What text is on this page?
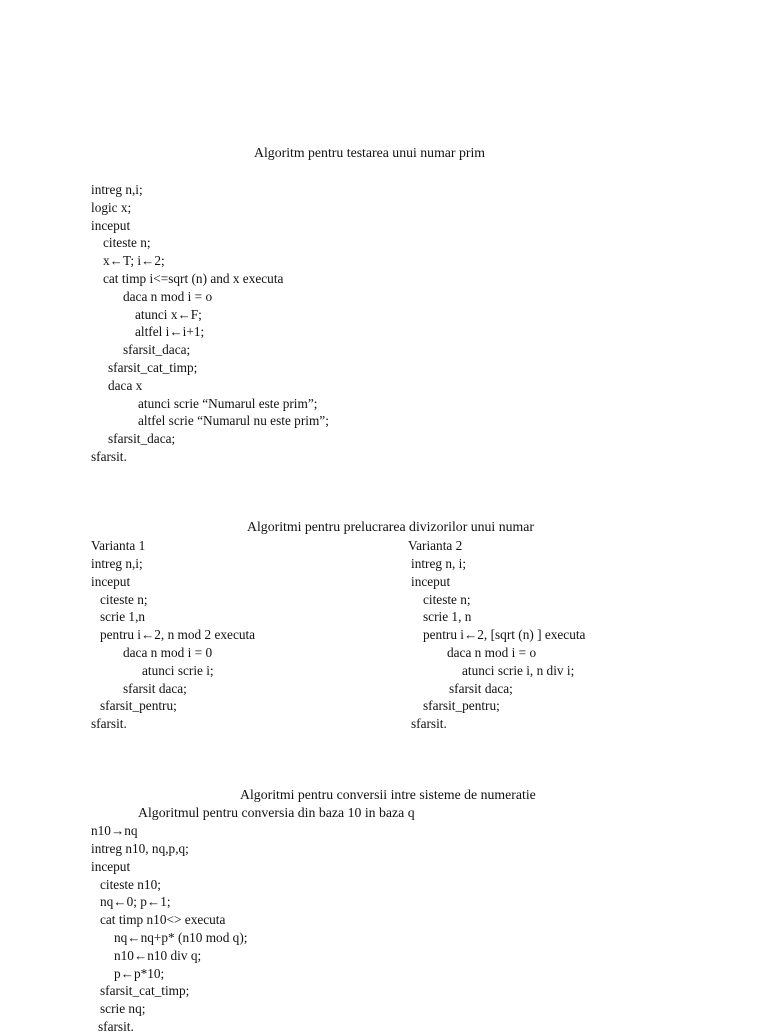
Algoritm pentru testarea unui numar prim
intreg n,i;
logic x;
inceput
citeste n;
x←T; i←2;
cat timp i<=sqrt (n) and x executa
daca n mod i = o
atunci x←F;
altfel i←i+1;
sfarsit_daca;
sfarsit_cat_timp;
daca x
atunci scrie “Numarul este prim”;
altfel scrie “Numarul nu este prim”;
sfarsit_daca;
sfarsit.
Algoritmi pentru prelucrarea divizorilor unui numar
Varianta 1
intreg n,i;
inceput
citeste n;
scrie 1,n
pentru i←2, n mod 2 executa
daca n mod i = 0
atunci scrie i;
sfarsit daca;
sfarsit_pentru;
sfarsit.
Varianta 2
intreg n, i;
inceput
citeste n;
scrie 1, n
pentru i←2, [sqrt (n) ] executa
daca n mod i = o
atunci scrie i, n div i;
sfarsit daca;
sfarsit_pentru;
sfarsit.
Algoritmi pentru conversii intre sisteme de numeratie
Algoritmul pentru conversia din baza 10 in baza q
n10→nq
intreg n10, nq,p,q;
inceput
citeste n10;
nq←0; p←1;
cat timp n10<> executa
nq←nq+p* (n10 mod q);
n10←n10 div q;
p←p*10;
sfarsit_cat_timp;
scrie nq;
sfarsit.
